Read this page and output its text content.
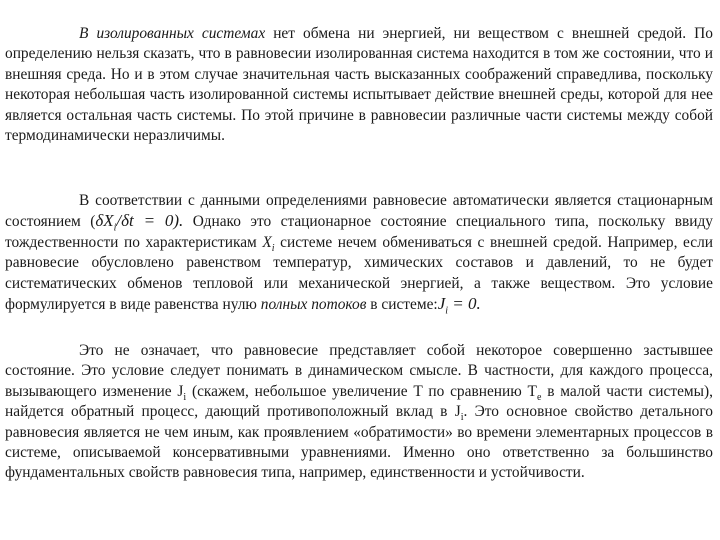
В изолированных системах нет обмена ни энергией, ни веществом с внешней средой. По определению нельзя сказать, что в равновесии изолированная система находится в том же состоянии, что и внешняя среда. Но и в этом случае значительная часть высказанных соображений справедлива, поскольку некоторая небольшая часть изолированной системы испытывает действие внешней среды, которой для нее является остальная часть системы. По этой причине в равновесии различные части системы между собой термодинамически неразличимы.

В соответствии с данными определениями равновесие автоматически является стационарным состоянием $(\delta X_i/\delta t = 0)$. Однако это стационарное состояние специального типа, поскольку ввиду тождественности по характеристикам $X_i$ системе нечем обмениваться с внешней средой. Например, если равновесие обусловлено равенством температур, химических составов и давлений, то не будет систематических обменов тепловой или механической энергией, а также веществом. Это условие формулируется в виде равенства нулю полных потоков в $системе:J_i = 0$.

Это не означает, что равновесие представляет собой некоторое совершенно застывшее состояние. Это условие следует понимать в динамическом смысле. В частности, для каждого процесса, вызывающего изменение $J_i$ (скажем, небольшое увеличение T по сравнению $T_e$ в малой части системы), найдется обратный процесс, дающий противоположный вклад в $J_i$. Это основное свойство детального равновесия является не чем иным, как проявлением «обратимости» во времени элементарных процессов в системе, описываемой консервативными уравнениями. Именно оно ответственно за большинство фундаментальных свойств равновесия типа, например, единственности и устойчивости.
